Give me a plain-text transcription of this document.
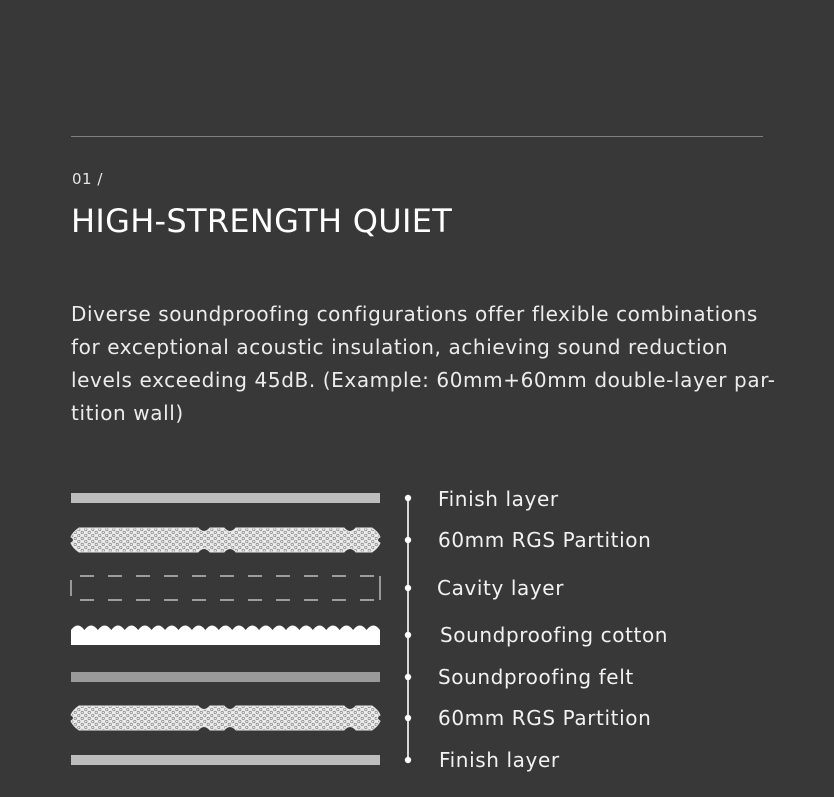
01 /
HIGH-STRENGTH QUIET

Diverse soundproofing configurations offer flexible combinations
for exceptional acoustic insulation, achieving sound reduction
levels exceeding 45dB. (Example: 60mm+60mm double-layer par-
tition wall)

Finish layer
60mm RGS Partition
Cavity layer
Soundproofing cotton
Soundproofing felt
60mm RGS Partition
Finish layer
